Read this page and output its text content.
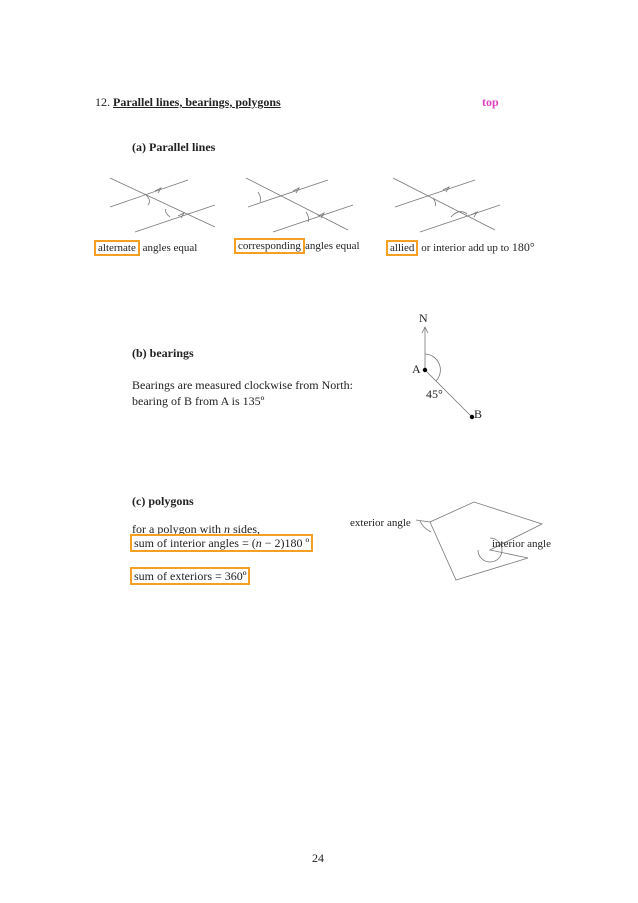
12. Parallel lines, bearings, polygons	top
(a) Parallel lines
alternate angles equal	corresponding angles equal	allied or interior add up to 180°
(b) bearings
Bearings are measured clockwise from North:
bearing of B from A is 135º
N
A
B
45°
(c) polygons
for a polygon with n sides,
sum of interior angles = (n − 2)180 º
sum of exteriors = 360º
exterior angle
interior angle
24
